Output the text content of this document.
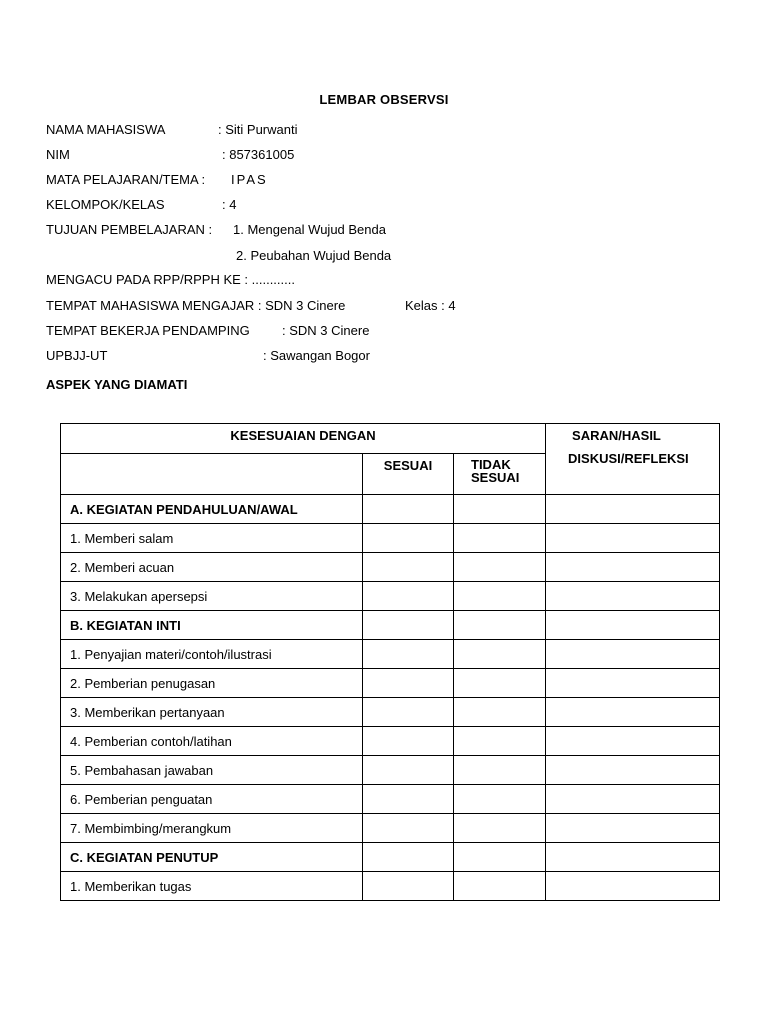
LEMBAR OBSERVSI
NAMA MAHASISWA	: Siti Purwanti
NIM	: 857361005
MATA PELAJARAN/TEMA : IPAS
KELOMPOK/KELAS	: 4
TUJUAN PEMBELAJARAN : 1. Mengenal Wujud Benda
2. Peubahan Wujud Benda
MENGACU PADA RPP/RPPH KE : ............
TEMPAT MAHASISWA MENGAJAR : SDN 3 Cinere	Kelas : 4
TEMPAT BEKERJA PENDAMPING : SDN 3 Cinere
UPBJJ-UT	: Sawangan Bogor
ASPEK YANG DIAMATI
KESESUAIAN DENGAN			SARAN/HASIL
DISKUSI/REFLEKSI

	SESUAI	TIDAK
SESUAI	

A. KEGIATAN PENDAHULUAN/AWAL			
1. Memberi salam			
2. Memberi acuan			
3. Melakukan apersepsi			
B. KEGIATAN INTI			
1. Penyajian materi/contoh/ilustrasi			
2. Pemberian penugasan			
3. Memberikan pertanyaan			
4. Pemberian contoh/latihan			
5. Pembahasan jawaban			
6. Pemberian penguatan			
7. Membimbing/merangkum			
C. KEGIATAN PENUTUP			
1. Memberikan tugas			
